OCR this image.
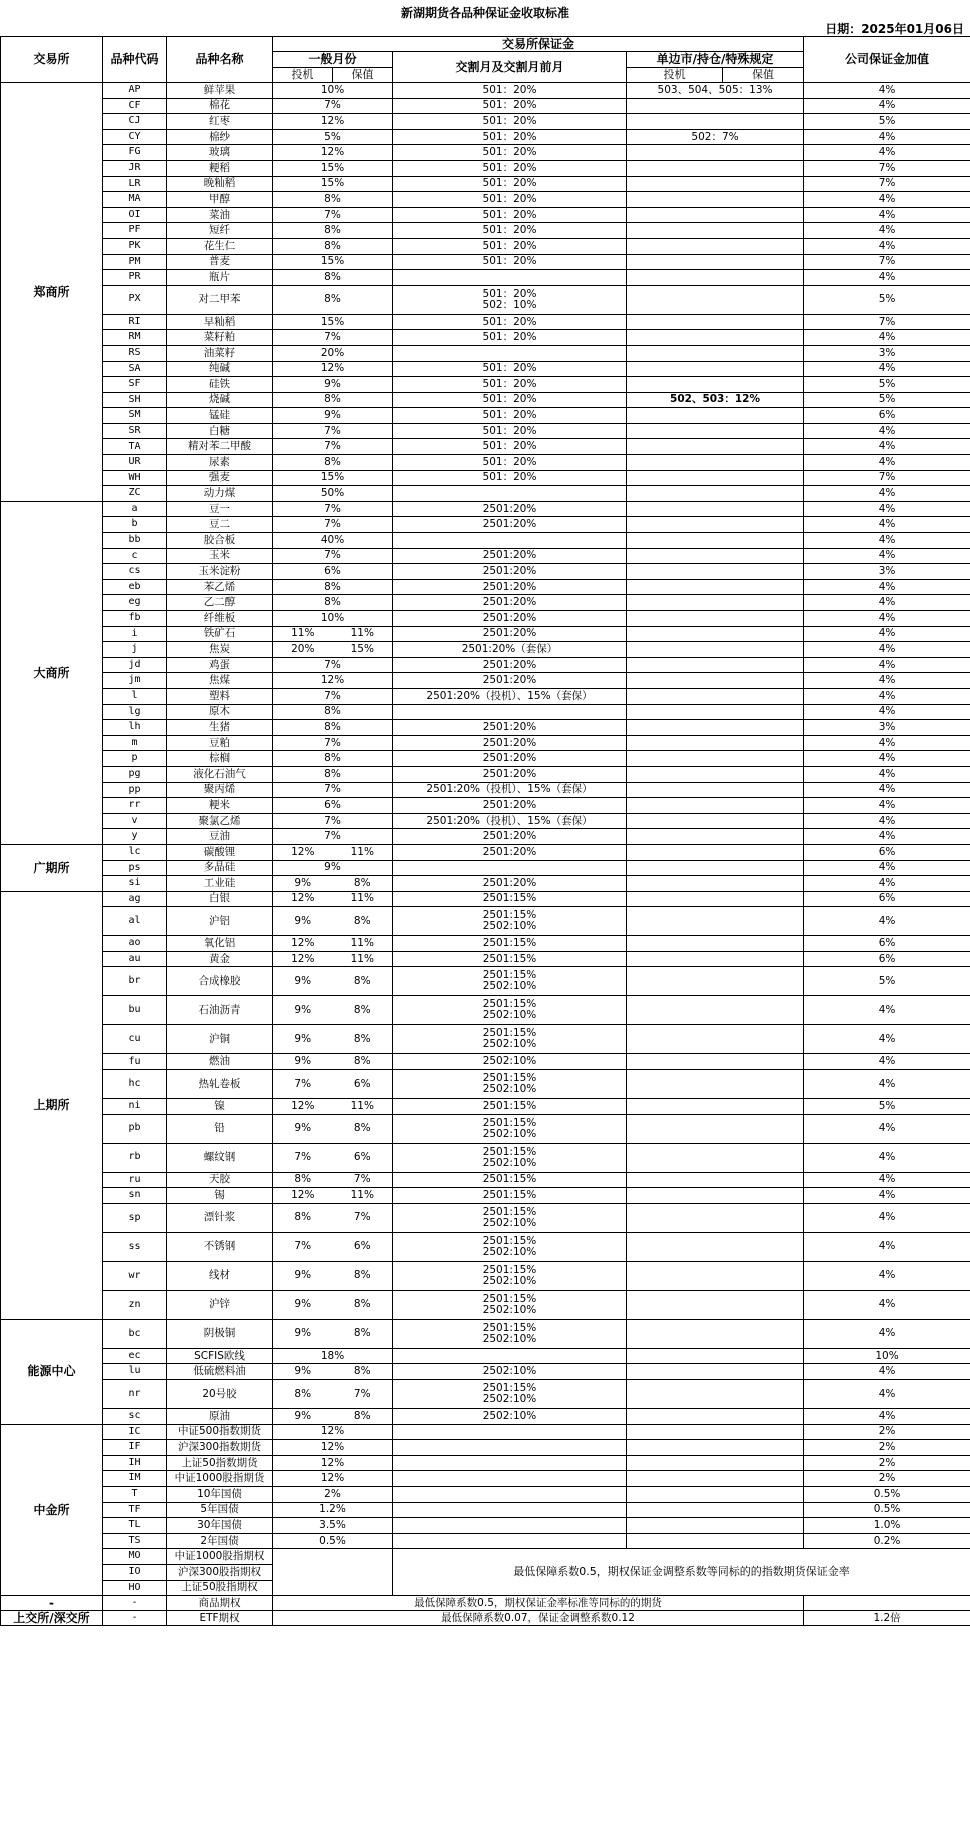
新湖期货各品种保证金收取标准
日期：2025年01月06日
交易所	品种代码	品种名称	交易所保证金					公司保证金加值
			一般月份		交割月及交割月前月	单边市/持仓/特殊规定		
			投机	保值		投机	保值	
郑商所	AP	鲜苹果	10%		501：20%	503、504、505：13%		4%
	CF	棉花	7%		501：20%			4%
	CJ	红枣	12%		501：20%			5%
	CY	棉纱	5%		501：20%	502：7%		4%
	FG	玻璃	12%		501：20%			4%
	JR	粳稻	15%		501：20%			7%
	LR	晚籼稻	15%		501：20%			7%
	MA	甲醇	8%		501：20%			4%
	OI	菜油	7%		501：20%			4%
	PF	短纤	8%		501：20%			4%
	PK	花生仁	8%		501：20%			4%
	PM	普麦	15%		501：20%			7%
	PR	瓶片	8%					4%
	PX	对二甲苯	8%		501：20%
502：10%			5%
	RI	早籼稻	15%		501：20%			7%
	RM	菜籽粕	7%		501：20%			4%
	RS	油菜籽	20%					3%
	SA	纯碱	12%		501：20%			4%
	SF	硅铁	9%		501：20%			5%
	SH	烧碱	8%		501：20%	502、503：12%		5%
	SM	锰硅	9%		501：20%			6%
	SR	白糖	7%		501：20%			4%
	TA	精对苯二甲酸	7%		501：20%			4%
	UR	尿素	8%		501：20%			4%
	WH	强麦	15%		501：20%			7%
	ZC	动力煤	50%					4%
大商所	a	豆一	7%		2501:20%			4%
	b	豆二	7%		2501:20%			4%
	bb	胶合板	40%					4%
	c	玉米	7%		2501:20%			4%
	cs	玉米淀粉	6%		2501:20%			3%
	eb	苯乙烯	8%		2501:20%			4%
	eg	乙二醇	8%		2501:20%			4%
	fb	纤维板	10%		2501:20%			4%
	i	铁矿石	11%	11%	2501:20%			4%
	j	焦炭	20%	15%	2501:20%（套保）			4%
	jd	鸡蛋	7%		2501:20%			4%
	jm	焦煤	12%		2501:20%			4%
	l	塑料	7%		2501:20%（投机）、15%（套保）			4%
	lg	原木	8%					4%
	lh	生猪	8%		2501:20%			3%
	m	豆粕	7%		2501:20%			4%
	p	棕榈	8%		2501:20%			4%
	pg	液化石油气	8%		2501:20%			4%
	pp	聚丙烯	7%		2501:20%（投机）、15%（套保）			4%
	rr	粳米	6%		2501:20%			4%
	v	聚氯乙烯	7%		2501:20%（投机）、15%（套保）			4%
	y	豆油	7%		2501:20%			4%
广期所	lc	碳酸锂	12%	11%	2501:20%			6%
	ps	多晶硅	9%					4%
	si	工业硅	9%	8%	2501:20%			4%
上期所	ag	白银	12%	11%	2501:15%			6%
	al	沪铝	9%	8%	2501:15%
2502:10%			4%
	ao	氧化铝	12%	11%	2501:15%			6%
	au	黄金	12%	11%	2501:15%			6%
	br	合成橡胶	9%	8%	2501:15%
2502:10%			5%
	bu	石油沥青	9%	8%	2501:15%
2502:10%			4%
	cu	沪铜	9%	8%	2501:15%
2502:10%			4%
	fu	燃油	9%	8%	2502:10%			4%
	hc	热轧卷板	7%	6%	2501:15%
2502:10%			4%
	ni	镍	12%	11%	2501:15%			5%
	pb	铅	9%	8%	2501:15%
2502:10%			4%
	rb	螺纹钢	7%	6%	2501:15%
2502:10%			4%
	ru	天胶	8%	7%	2501:15%			4%
	sn	锡	12%	11%	2501:15%			4%
	sp	漂针浆	8%	7%	2501:15%
2502:10%			4%
	ss	不锈钢	7%	6%	2501:15%
2502:10%			4%
	wr	线材	9%	8%	2501:15%
2502:10%			4%
	zn	沪锌	9%	8%	2501:15%
2502:10%			4%
能源中心	bc	阴极铜	9%	8%	2501:15%
2502:10%			4%
	ec	SCFIS欧线	18%					10%
	lu	低硫燃料油	9%	8%	2502:10%			4%
	nr	20号胶	8%	7%	2501:15%
2502:10%			4%
	sc	原油	9%	8%	2502:10%			4%
中金所	IC	中证500指数期货	12%					2%
	IF	沪深300指数期货	12%					2%
	IH	上证50指数期货	12%					2%
	IM	中证1000股指期货	12%					2%
	T	10年国债	2%					0.5%
	TF	5年国债	1.2%					0.5%
	TL	30年国债	3.5%					1.0%
	TS	2年国债	0.5%					0.2%
	MO	中证1000股指期权			最低保障系数0.5，期权保证金调整系数等同标的的指数期货保证金率			
	IO	沪深300股指期权						
	HO	上证50股指期权						
-	-	商品期权	最低保障系数0.5，期权保证金率标准等同标的的期货					
上交所/深交所	-	ETF期权	最低保障系数0.07，保证金调整系数0.12					1.2倍
